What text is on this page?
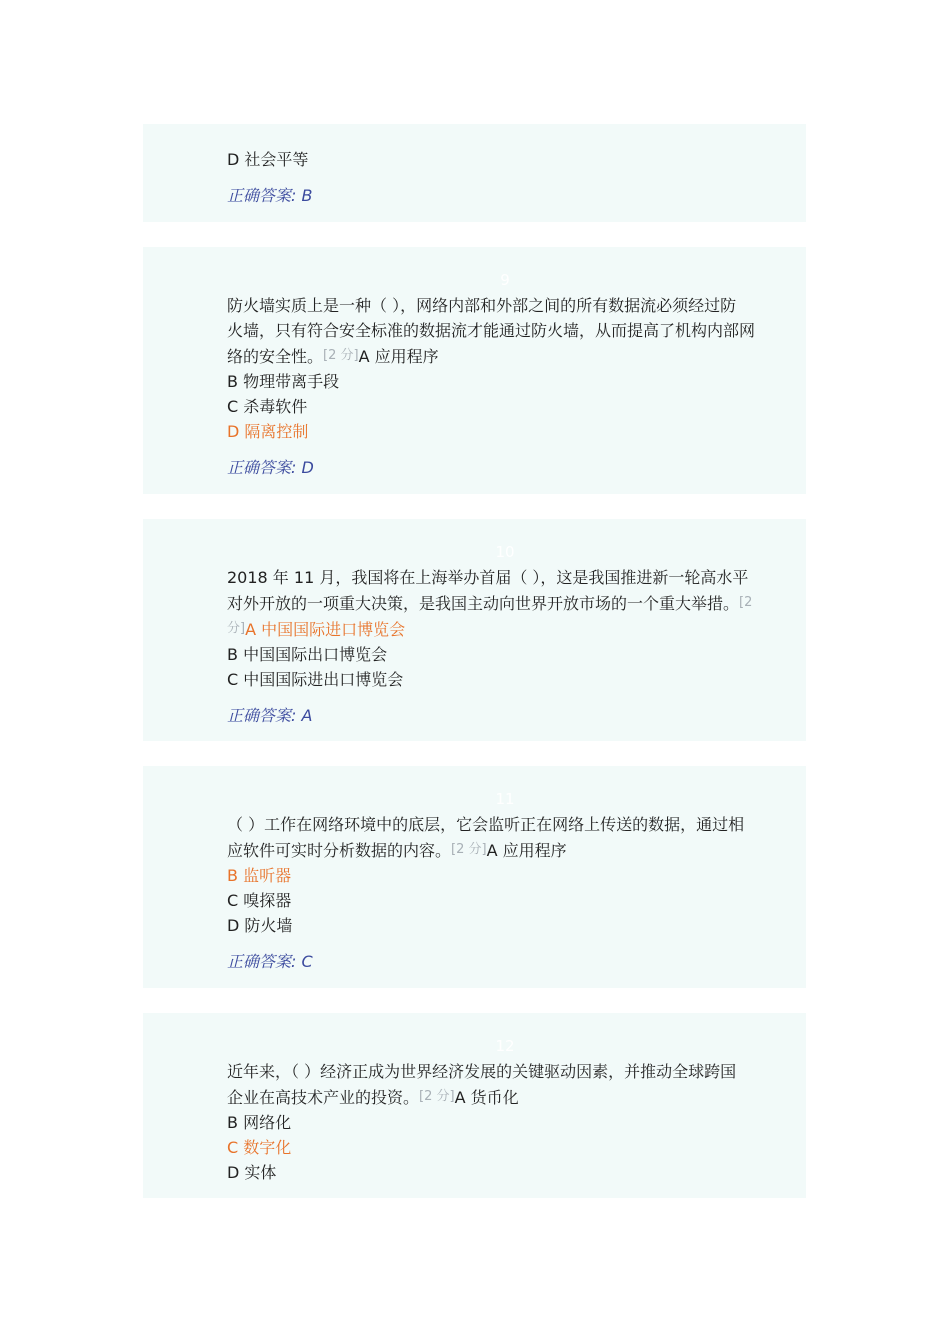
D 社会平等
正确答案: B
9
防火墙实质上是一种（ ），网络内部和外部之间的所有数据流必须经过防
火墙，只有符合安全标准的数据流才能通过防火墙，从而提高了机构内部网
络的安全性。[2 分]A 应用程序
B 物理带离手段
C 杀毒软件
D 隔离控制
正确答案: D
10
2018 年 11 月，我国将在上海举办首届（ ），这是我国推进新一轮高水平
对外开放的一项重大决策，是我国主动向世界开放市场的一个重大举措。[2
分]A 中国国际进口博览会
B 中国国际出口博览会
C 中国国际进出口博览会
正确答案: A
11
（ ）工作在网络环境中的底层，它会监听正在网络上传送的数据，通过相
应软件可实时分析数据的内容。[2 分]A 应用程序
B 监听器
C 嗅探器
D 防火墙
正确答案: C
12
近年来，（ ）经济正成为世界经济发展的关键驱动因素，并推动全球跨国
企业在高技术产业的投资。[2 分]A 货币化
B 网络化
C 数字化
D 实体
